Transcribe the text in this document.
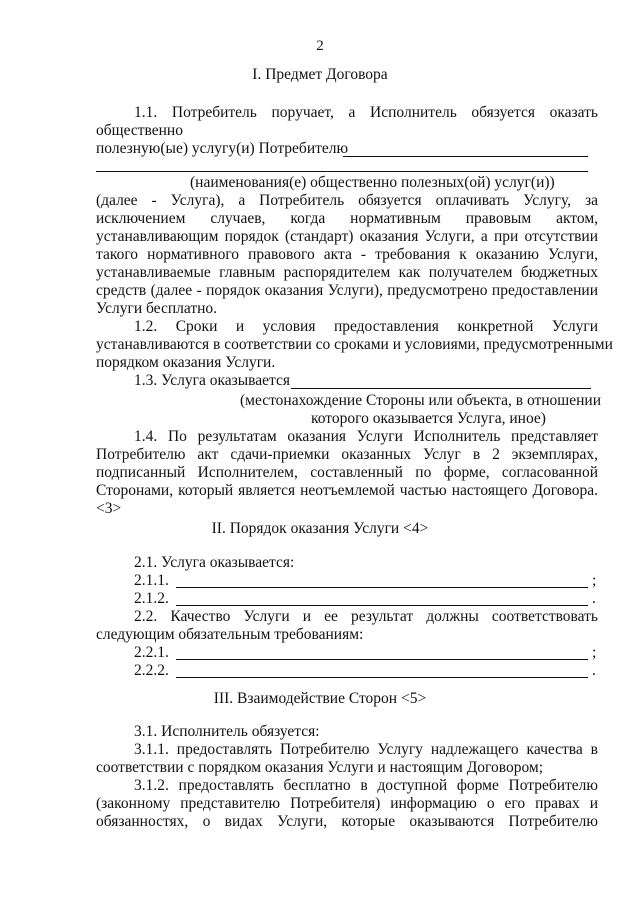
2
I. Предмет Договора
1.1. Потребитель поручает, а Исполнитель обязуется оказать
общественно
полезную(ые) услугу(и) Потребителю
(наименования(е) общественно полезных(ой) услуг(и))
(далее - Услуга), а Потребитель обязуется оплачивать Услугу, за
исключением случаев, когда нормативным правовым актом,
устанавливающим порядок (стандарт) оказания Услуги, а при отсутствии
такого нормативного правового акта - требования к оказанию Услуги,
устанавливаемые главным распорядителем как получателем бюджетных
средств (далее - порядок оказания Услуги), предусмотрено предоставлении
Услуги бесплатно.
1.2. Сроки и условия предоставления конкретной Услуги
устанавливаются в соответствии со сроками и условиями, предусмотренными
порядком оказания Услуги.
1.3. Услуга оказывается
(местонахождение Стороны или объекта, в отношении
которого оказывается Услуга, иное)
1.4. По результатам оказания Услуги Исполнитель представляет
Потребителю акт сдачи-приемки оказанных Услуг в 2 экземплярах,
подписанный Исполнителем, составленный по форме, согласованной
Сторонами, который является неотъемлемой частью настоящего Договора.
<3>
II. Порядок оказания Услуги <4>
2.1. Услуга оказывается:
2.1.1.	;
2.1.2.	.
2.2. Качество Услуги и ее результат должны соответствовать
следующим обязательным требованиям:
2.2.1.	;
2.2.2.	.
III. Взаимодействие Сторон <5>
3.1. Исполнитель обязуется:
3.1.1. предоставлять Потребителю Услугу надлежащего качества в
соответствии с порядком оказания Услуги и настоящим Договором;
3.1.2. предоставлять бесплатно в доступной форме Потребителю
(законному представителю Потребителя) информацию о его правах и
обязанностях, о видах Услуги, которые оказываются Потребителю
